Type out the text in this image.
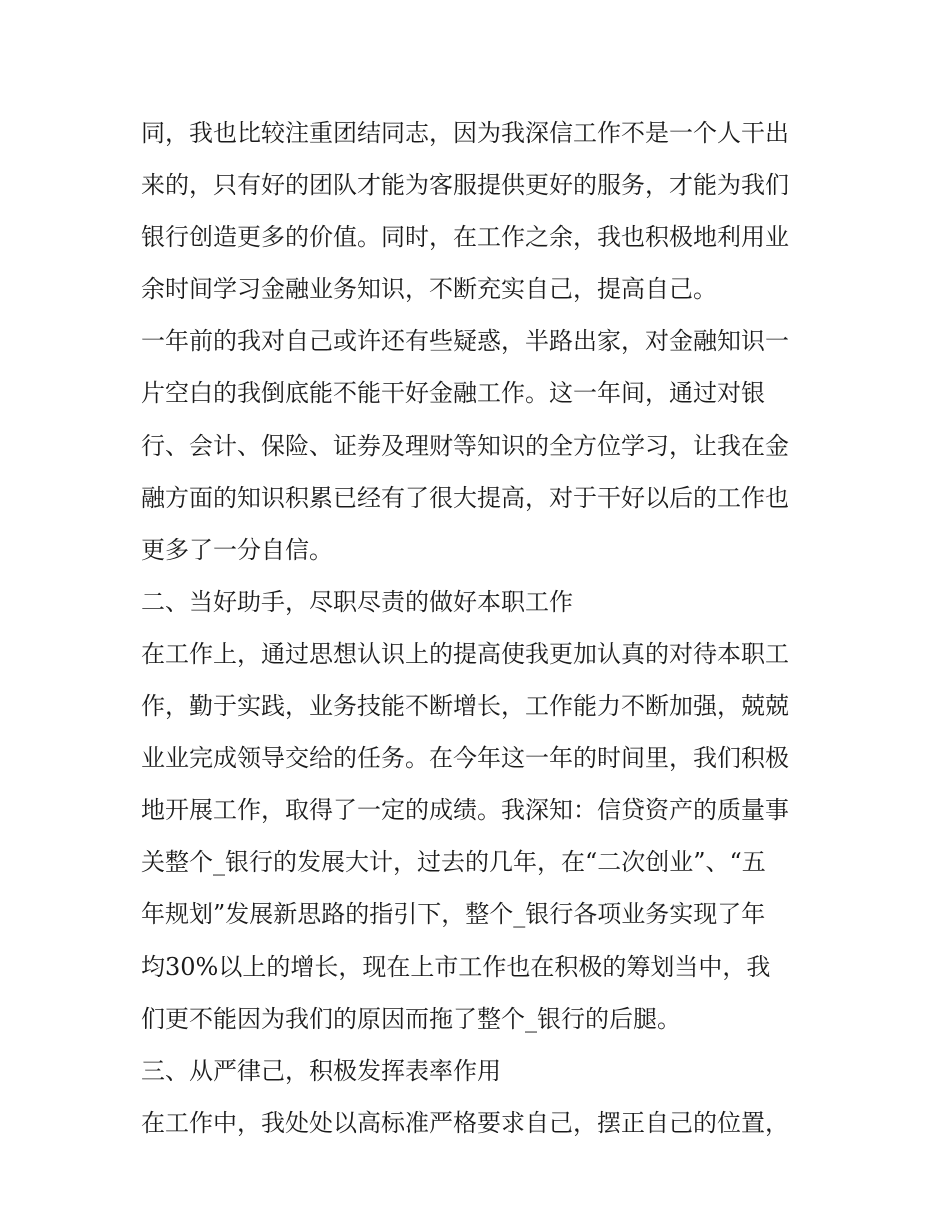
同，我也比较注重团结同志，因为我深信工作不是一个人干出
来的，只有好的团队才能为客服提供更好的服务，才能为我们
银行创造更多的价值。同时，在工作之余，我也积极地利用业
余时间学习金融业务知识，不断充实自己，提高自己。
一年前的我对自己或许还有些疑惑，半路出家，对金融知识一
片空白的我倒底能不能干好金融工作。这一年间，通过对银
行、会计、保险、证券及理财等知识的全方位学习，让我在金
融方面的知识积累已经有了很大提高，对于干好以后的工作也
更多了一分自信。
二、当好助手，尽职尽责的做好本职工作
在工作上，通过思想认识上的提高使我更加认真的对待本职工
作，勤于实践，业务技能不断增长，工作能力不断加强，兢兢
业业完成领导交给的任务。在今年这一年的时间里，我们积极
地开展工作，取得了一定的成绩。我深知：信贷资产的质量事
关整个_银行的发展大计，过去的几年，在“二次创业”、“五
年规划”发展新思路的指引下，整个_银行各项业务实现了年
均30%以上的增长，现在上市工作也在积极的筹划当中，我
们更不能因为我们的原因而拖了整个_银行的后腿。
三、从严律己，积极发挥表率作用
在工作中，我处处以高标准严格要求自己，摆正自己的位置，
